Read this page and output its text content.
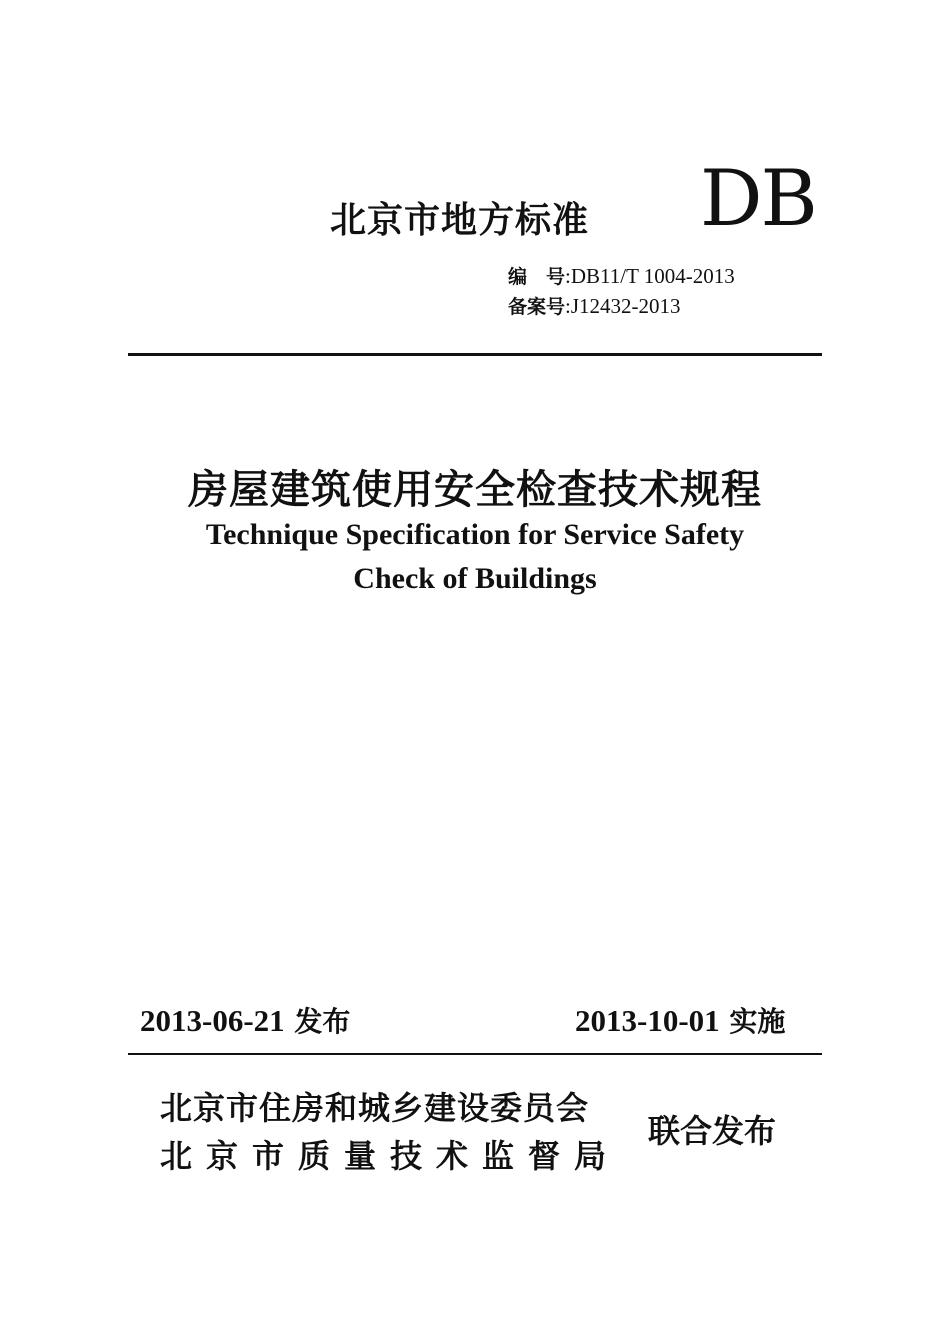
北京市地方标准 DB
编　号:DB11/T 1004-2013
备案号:J12432-2013
房屋建筑使用安全检查技术规程
Technique Specification for Service Safety
Check of Buildings
2013-06-21 发布	2013-10-01 实施
北京市住房和城乡建设委员会
北京市质量技术监督局
联合发布
